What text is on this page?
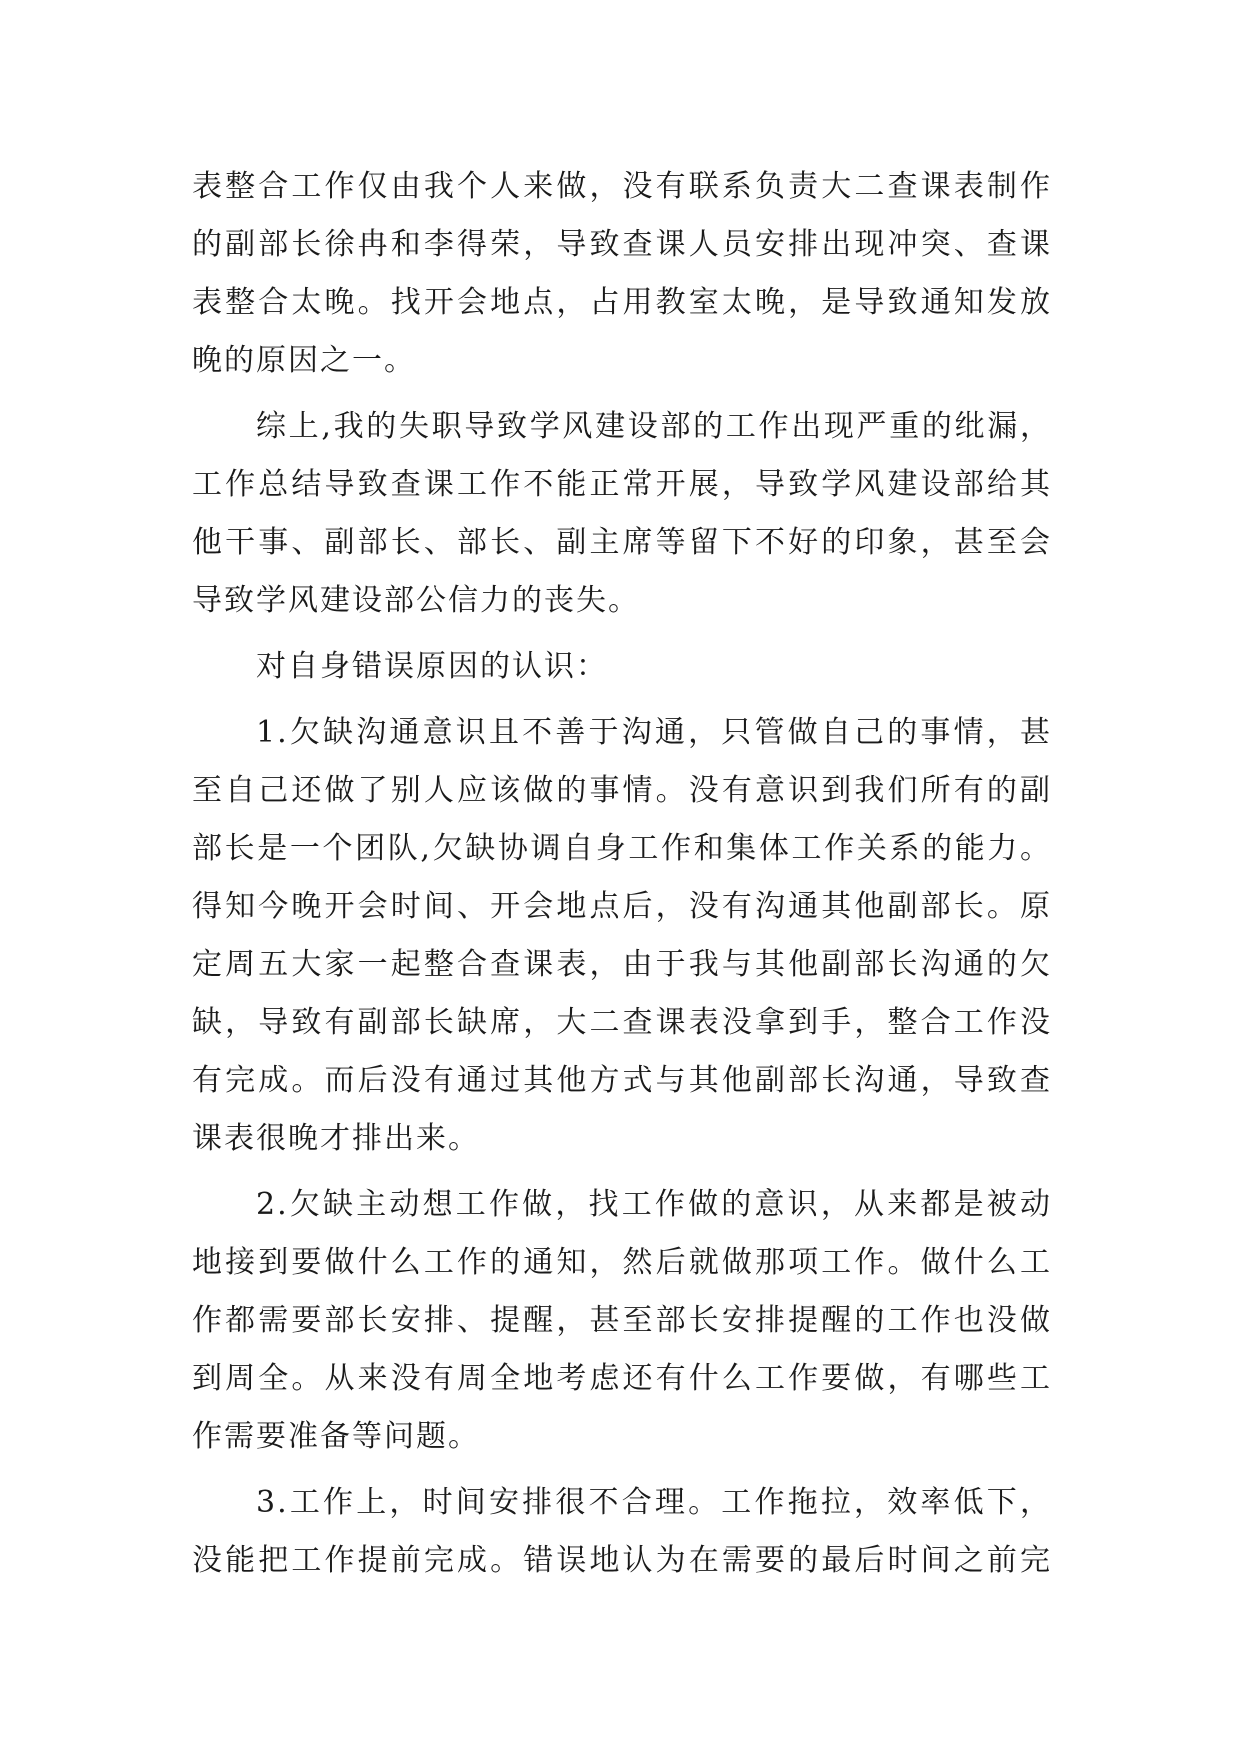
表整合工作仅由我个人来做，没有联系负责大二查课表制作
的副部长徐冉和李得荣，导致查课人员安排出现冲突、查课
表整合太晚。找开会地点，占用教室太晚，是导致通知发放
晚的原因之一。
综上,我的失职导致学风建设部的工作出现严重的纰漏，
工作总结导致查课工作不能正常开展，导致学风建设部给其
他干事、副部长、部长、副主席等留下不好的印象，甚至会
导致学风建设部公信力的丧失。
对自身错误原因的认识：
1.欠缺沟通意识且不善于沟通，只管做自己的事情，甚
至自己还做了别人应该做的事情。没有意识到我们所有的副
部长是一个团队,欠缺协调自身工作和集体工作关系的能力。
得知今晚开会时间、开会地点后，没有沟通其他副部长。原
定周五大家一起整合查课表，由于我与其他副部长沟通的欠
缺，导致有副部长缺席，大二查课表没拿到手，整合工作没
有完成。而后没有通过其他方式与其他副部长沟通，导致查
课表很晚才排出来。
2.欠缺主动想工作做，找工作做的意识，从来都是被动
地接到要做什么工作的通知，然后就做那项工作。做什么工
作都需要部长安排、提醒，甚至部长安排提醒的工作也没做
到周全。从来没有周全地考虑还有什么工作要做，有哪些工
作需要准备等问题。
3.工作上，时间安排很不合理。工作拖拉，效率低下，
没能把工作提前完成。错误地认为在需要的最后时间之前完
